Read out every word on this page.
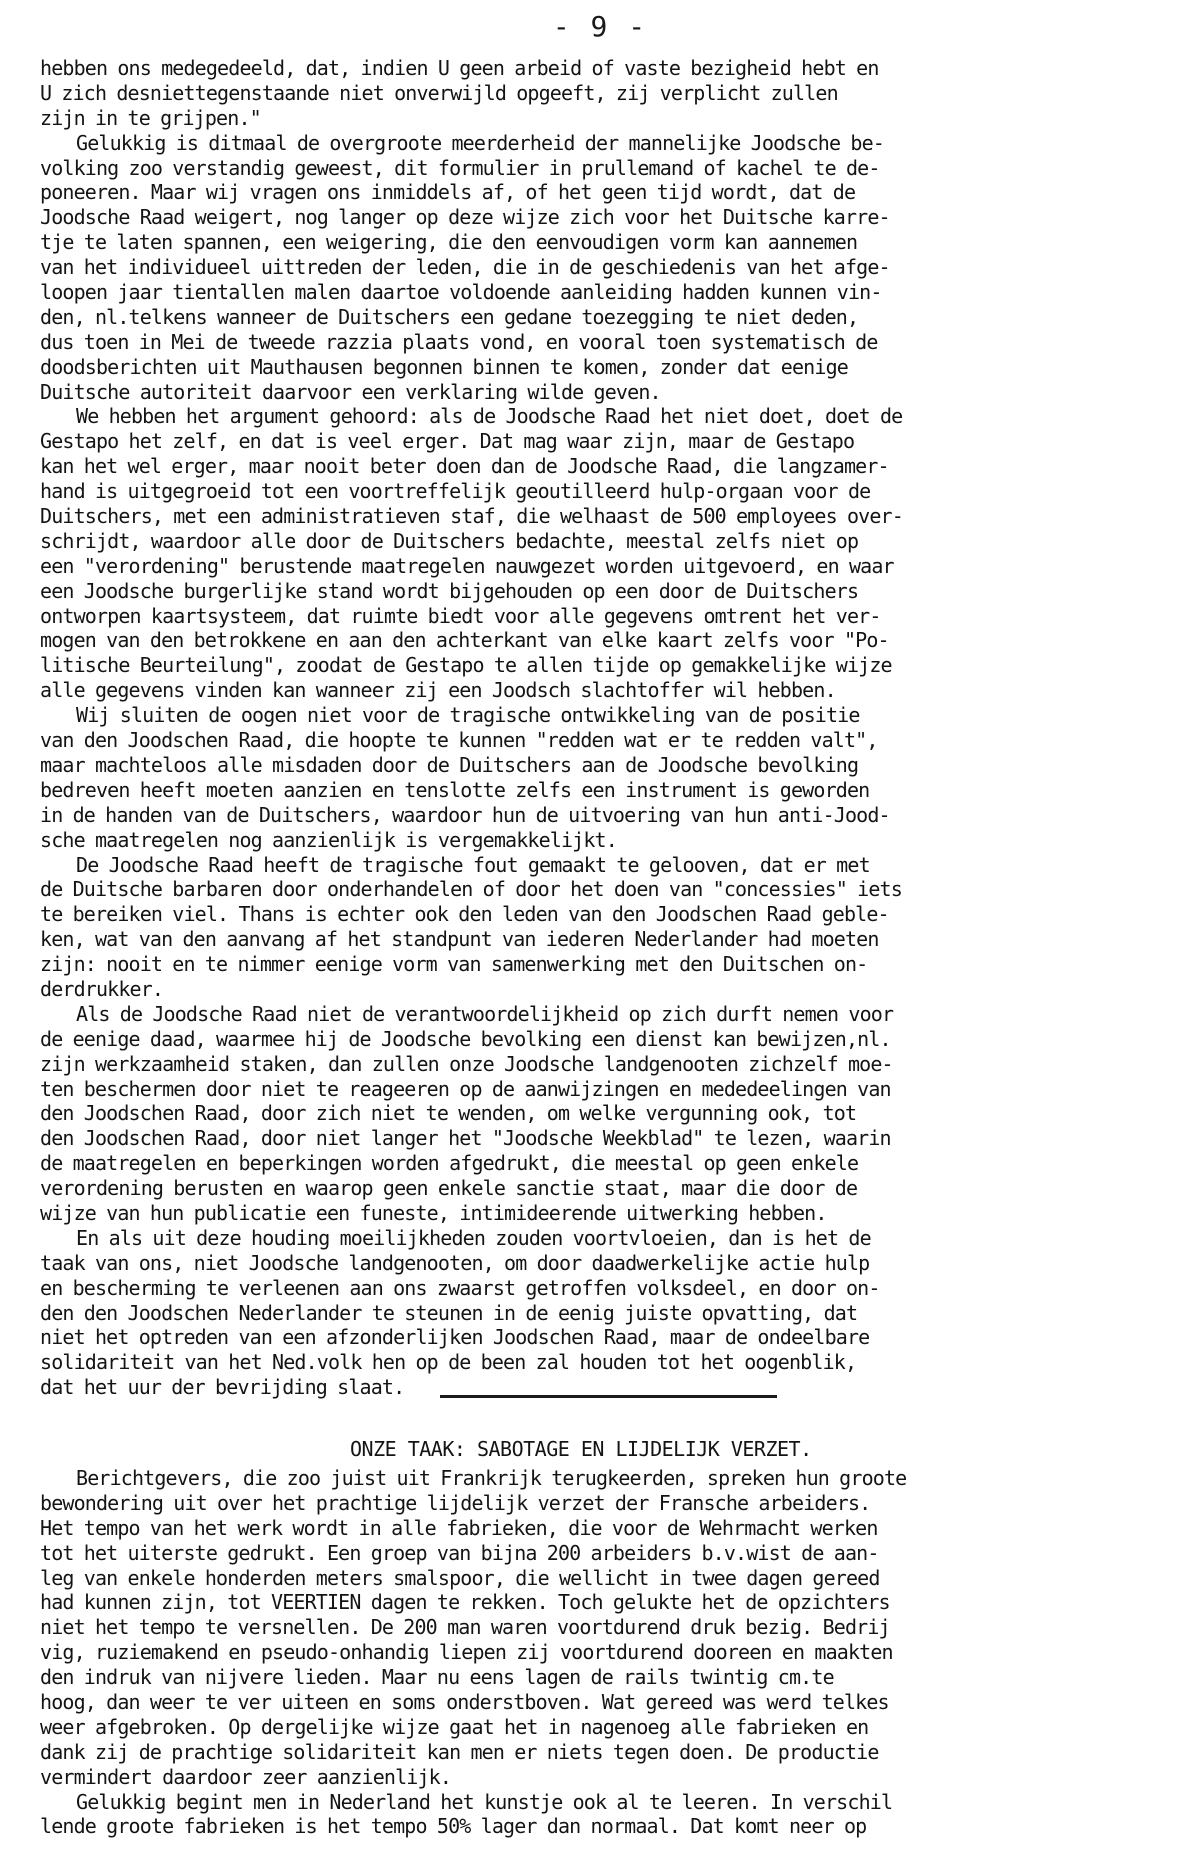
- 9 -
hebben ons medegedeeld, dat, indien U geen arbeid of vaste bezigheid hebt en
U zich desniettegenstaande niet onverwijld opgeeft, zij verplicht zullen
zijn in te grijpen."
Gelukkig is ditmaal de overgroote meerderheid der mannelijke Joodsche be-
volking zoo verstandig geweest, dit formulier in prullemand of kachel te de-
poneeren. Maar wij vragen ons inmiddels af, of het geen tijd wordt, dat de
Joodsche Raad weigert, nog langer op deze wijze zich voor het Duitsche karre-
tje te laten spannen, een weigering, die den eenvoudigen vorm kan aannemen
van het individueel uittreden der leden, die in de geschiedenis van het afge-
loopen jaar tientallen malen daartoe voldoende aanleiding hadden kunnen vin-
den, nl.telkens wanneer de Duitschers een gedane toezegging te niet deden,
dus toen in Mei de tweede razzia plaats vond, en vooral toen systematisch de
doodsberichten uit Mauthausen begonnen binnen te komen, zonder dat eenige
Duitsche autoriteit daarvoor een verklaring wilde geven.
We hebben het argument gehoord: als de Joodsche Raad het niet doet, doet de
Gestapo het zelf, en dat is veel erger. Dat mag waar zijn, maar de Gestapo
kan het wel erger, maar nooit beter doen dan de Joodsche Raad, die langzamer-
hand is uitgegroeid tot een voortreffelijk geoutilleerd hulp-orgaan voor de
Duitschers, met een administratieven staf, die welhaast de 500 employees over-
schrijdt, waardoor alle door de Duitschers bedachte, meestal zelfs niet op
een "verordening" berustende maatregelen nauwgezet worden uitgevoerd, en waar
een Joodsche burgerlijke stand wordt bijgehouden op een door de Duitschers
ontworpen kaartsysteem, dat ruimte biedt voor alle gegevens omtrent het ver-
mogen van den betrokkene en aan den achterkant van elke kaart zelfs voor "Po-
litische Beurteilung", zoodat de Gestapo te allen tijde op gemakkelijke wijze
alle gegevens vinden kan wanneer zij een Joodsch slachtoffer wil hebben.
Wij sluiten de oogen niet voor de tragische ontwikkeling van de positie
van den Joodschen Raad, die hoopte te kunnen "redden wat er te redden valt",
maar machteloos alle misdaden door de Duitschers aan de Joodsche bevolking
bedreven heeft moeten aanzien en tenslotte zelfs een instrument is geworden
in de handen van de Duitschers, waardoor hun de uitvoering van hun anti-Jood-
sche maatregelen nog aanzienlijk is vergemakkelijkt.
De Joodsche Raad heeft de tragische fout gemaakt te gelooven, dat er met
de Duitsche barbaren door onderhandelen of door het doen van "concessies" iets
te bereiken viel. Thans is echter ook den leden van den Joodschen Raad geble-
ken, wat van den aanvang af het standpunt van iederen Nederlander had moeten
zijn: nooit en te nimmer eenige vorm van samenwerking met den Duitschen on-
derdrukker.
Als de Joodsche Raad niet de verantwoordelijkheid op zich durft nemen voor
de eenige daad, waarmee hij de Joodsche bevolking een dienst kan bewijzen,nl.
zijn werkzaamheid staken, dan zullen onze Joodsche landgenooten zichzelf moe-
ten beschermen door niet te reageeren op de aanwijzingen en mededeelingen van
den Joodschen Raad, door zich niet te wenden, om welke vergunning ook, tot
den Joodschen Raad, door niet langer het "Joodsche Weekblad" te lezen, waarin
de maatregelen en beperkingen worden afgedrukt, die meestal op geen enkele
verordening berusten en waarop geen enkele sanctie staat, maar die door de
wijze van hun publicatie een funeste, intimideerende uitwerking hebben.
En als uit deze houding moeilijkheden zouden voortvloeien, dan is het de
taak van ons, niet Joodsche landgenooten, om door daadwerkelijke actie hulp
en bescherming te verleenen aan ons zwaarst getroffen volksdeel, en door on-
den den Joodschen Nederlander te steunen in de eenig juiste opvatting, dat
niet het optreden van een afzonderlijken Joodschen Raad, maar de ondeelbare
solidariteit van het Ned.volk hen op de been zal houden tot het oogenblik,
dat het uur der bevrijding slaat.
ONZE TAAK: SABOTAGE EN LIJDELIJK VERZET.
Berichtgevers, die zoo juist uit Frankrijk terugkeerden, spreken hun groote
bewondering uit over het prachtige lijdelijk verzet der Fransche arbeiders.
Het tempo van het werk wordt in alle fabrieken, die voor de Wehrmacht werken
tot het uiterste gedrukt. Een groep van bijna 200 arbeiders b.v.wist de aan-
leg van enkele honderden meters smalspoor, die wellicht in twee dagen gereed
had kunnen zijn, tot VEERTIEN dagen te rekken. Toch gelukte het de opzichters
niet het tempo te versnellen. De 200 man waren voortdurend druk bezig. Bedrij
vig, ruziemakend en pseudo-onhandig liepen zij voortdurend dooreen en maakten
den indruk van nijvere lieden. Maar nu eens lagen de rails twintig cm.te
hoog, dan weer te ver uiteen en soms onderstboven. Wat gereed was werd telkes
weer afgebroken. Op dergelijke wijze gaat het in nagenoeg alle fabrieken en
dank zij de prachtige solidariteit kan men er niets tegen doen. De productie
vermindert daardoor zeer aanzienlijk.
Gelukkig begint men in Nederland het kunstje ook al te leeren. In verschil
lende groote fabrieken is het tempo 50% lager dan normaal. Dat komt neer op
